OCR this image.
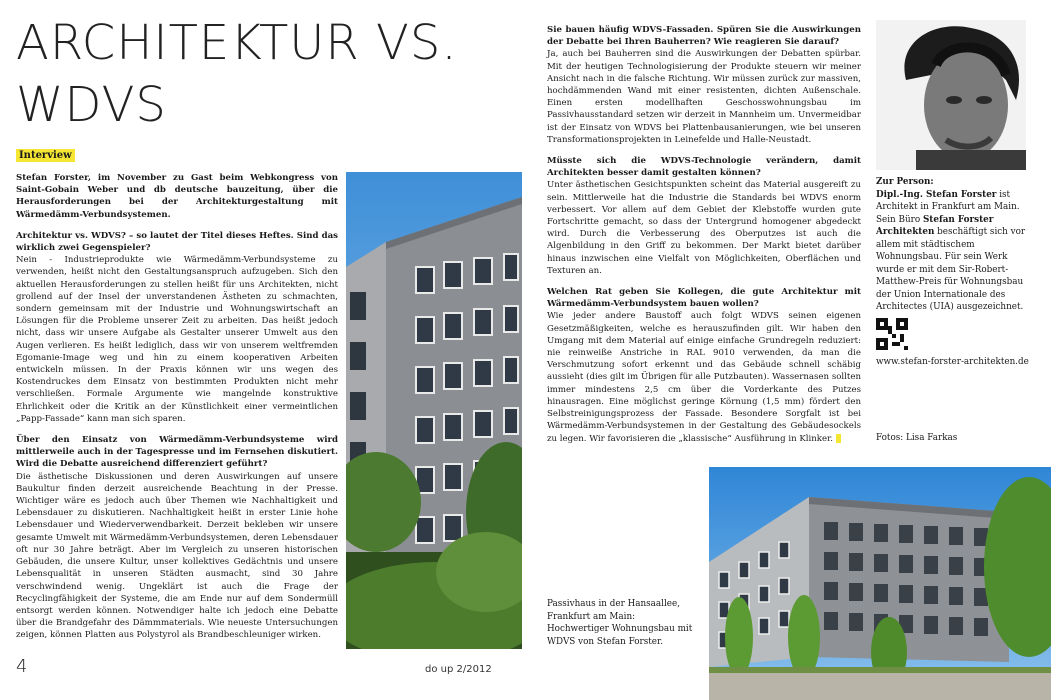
ARCHITEKTUR VS.
WDVS
Interview

Stefan Forster, im November zu Gast beim Webkongress von Saint-Gobain Weber und db deutsche bauzeitung, über die Herausforderungen bei der Architekturgestaltung mit Wärmedämm-Verbundsystemen.

Architektur vs. WDVS? – so lautet der Titel dieses Heftes. Sind das wirklich zwei Gegenspieler?
Nein - Industrieprodukte wie Wärmedämm-Verbundsysteme zu verwenden, heißt nicht den Gestaltungsanspruch aufzugeben. Sich den aktuellen Herausforderungen zu stellen heißt für uns Architekten, nicht grollend auf der Insel der unverstandenen Ästheten zu schmachten, sondern gemeinsam mit der Industrie und Wohnungswirtschaft an Lösungen für die Probleme unserer Zeit zu arbeiten. Das heißt jedoch nicht, dass wir unsere Aufgabe als Gestalter unserer Umwelt aus den Augen verlieren. Es heißt lediglich, dass wir von unserem weltfremden Egomanie-Image weg und hin zu einem kooperativen Arbeiten entwickeln müssen. In der Praxis können wir uns wegen des Kostendruckes dem Einsatz von bestimmten Produkten nicht mehr verschließen. Formale Argumente wie mangelnde konstruktive Ehrlichkeit oder die Kritik an der Künstlichkeit einer vermeintlichen „Papp-Fassade“ kann man sich sparen.

Über den Einsatz von Wärmedämm-Verbundsysteme wird mittlerweile auch in der Tagespresse und im Fernsehen diskutiert. Wird die Debatte ausreichend differenziert geführt?
Die ästhetische Diskussionen und deren Auswirkungen auf unsere Baukultur finden derzeit ausreichende Beachtung in der Presse. Wichtiger wäre es jedoch auch über Themen wie Nachhaltigkeit und Lebensdauer zu diskutieren. Nachhaltigkeit heißt in erster Linie hohe Lebensdauer und Wiederverwendbarkeit. Derzeit bekleben wir unsere gesamte Umwelt mit Wärmedämm-Verbundsystemen, deren Lebensdauer oft nur 30 Jahre beträgt. Aber im Vergleich zu unseren historischen Gebäuden, die unsere Kultur, unser kollektives Gedächtnis und unsere Lebensqualität in unseren Städten ausmacht, sind 30 Jahre verschwindend wenig. Ungeklärt ist auch die Frage der Recyclingfähigkeit der Systeme, die am Ende nur auf dem Sondermüll entsorgt werden können. Notwendiger halte ich jedoch eine Debatte über die Brandgefahr des Dämmmaterials. Wie neueste Untersuchungen zeigen, können Platten aus Polystyrol als Brandbeschleuniger wirken.

Sie bauen häufig WDVS-Fassaden. Spüren Sie die Auswirkungen der Debatte bei Ihren Bauherren? Wie reagieren Sie darauf?
Ja, auch bei Bauherren sind die Auswirkungen der Debatten spürbar. Mit der heutigen Technologisierung der Produkte steuern wir meiner Ansicht nach in die falsche Richtung. Wir müssen zurück zur massiven, hochdämmenden Wand mit einer resistenten, dichten Außenschale. Einen ersten modellhaften Geschosswohnungsbau im Passivhausstandard setzen wir derzeit in Mannheim um. Unvermeidbar ist der Einsatz von WDVS bei Plattenbausanierungen, wie bei unseren Transformationsprojekten in Leinefelde und Halle-Neustadt.

Müsste sich die WDVS-Technologie verändern, damit Architekten besser damit gestalten können?
Unter ästhetischen Gesichtspunkten scheint das Material ausgereift zu sein. Mittlerweile hat die Industrie die Standards bei WDVS enorm verbessert. Vor allem auf dem Gebiet der Klebstoffe wurden gute Fortschritte gemacht, so dass der Untergrund homogener abgedeckt wird. Durch die Verbesserung des Oberputzes ist auch die Algenbildung in den Griff zu bekommen. Der Markt bietet darüber hinaus inzwischen eine Vielfalt von Möglichkeiten, Oberflächen und Texturen an.

Welchen Rat geben Sie Kollegen, die gute Architektur mit Wärmedämm-Verbundsystem bauen wollen?
Wie jeder andere Baustoff auch folgt WDVS seinen eigenen Gesetzmäßigkeiten, welche es herauszufinden gilt. Wir haben den Umgang mit dem Material auf einige einfache Grundregeln reduziert: nie reinweiße Anstriche in RAL 9010 verwenden, da man die Verschmutzung sofort erkennt und das Gebäude schnell schäbig aussieht (dies gilt im Übrigen für alle Putzbauten). Wassernasen sollten immer mindestens 2,5 cm über die Vorderkante des Putzes hinausragen. Eine möglichst geringe Körnung (1,5 mm) fördert den Selbstreinigungsprozess der Fassade. Besondere Sorgfalt ist bei Wärmedämm-Verbundsystemen in der Gestaltung des Gebäudesockels zu legen. Wir favorisieren die „klassische“ Ausführung in Klinker.

Zur Person:
Dipl.-Ing. Stefan Forster ist Architekt in Frankfurt am Main. Sein Büro Stefan Forster Architekten beschäftigt sich vor allem mit städtischem Wohnungsbau. Für sein Werk wurde er mit dem Sir-Robert-Matthew-Preis für Wohnungsbau der Union Internationale des Architectes (UIA) ausgezeichnet.
www.stefan-forster-architekten.de
Fotos: Lisa Farkas
Passivhaus in der Hansaallee, Frankfurt am Main: Hochwertiger Wohnungsbau mit WDVS von Stefan Forster.
4	do up 2/2012
